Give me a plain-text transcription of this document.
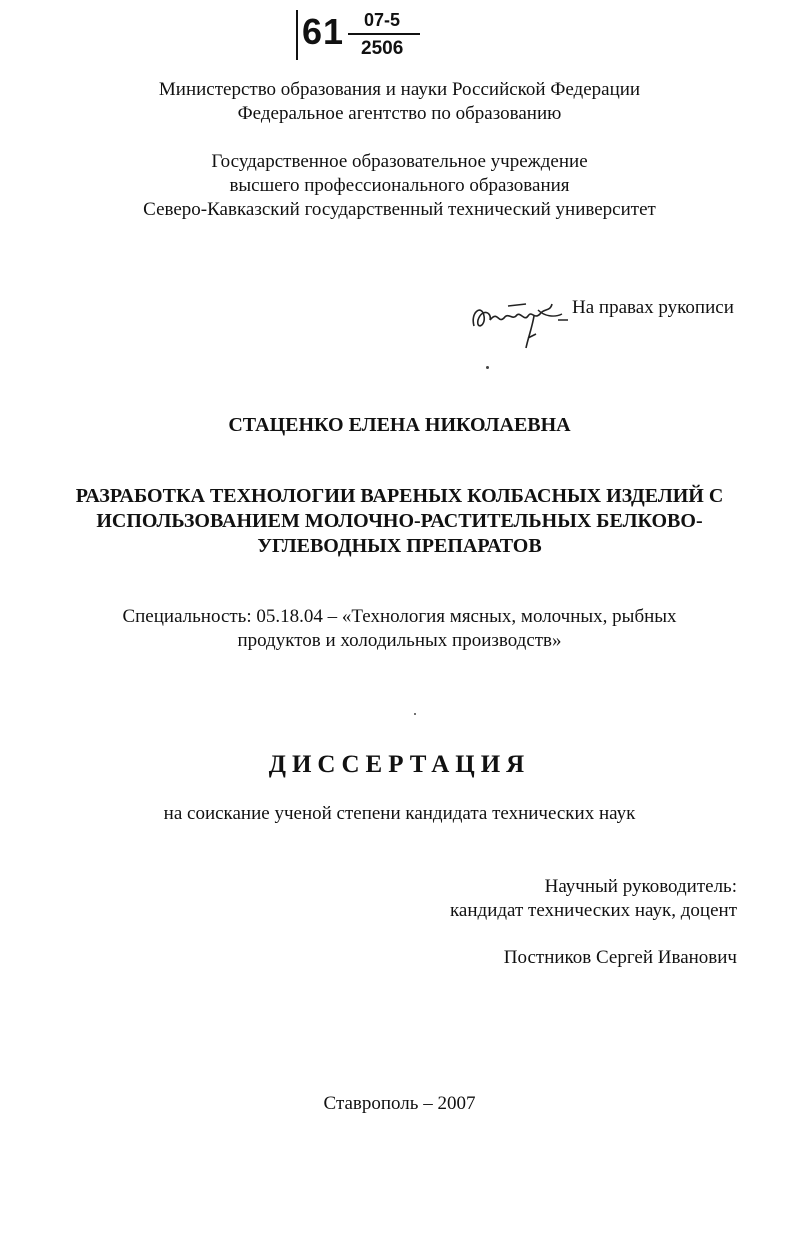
61 07-5
2506
Министерство образования и науки Российской Федерации
Федеральное агентство по образованию
Государственное образовательное учреждение
высшего профессионального образования
Северо-Кавказский государственный технический университет
На правах рукописи
СТАЦЕНКО ЕЛЕНА НИКОЛАЕВНА
РАЗРАБОТКА ТЕХНОЛОГИИ ВАРЕНЫХ КОЛБАСНЫХ ИЗДЕЛИЙ С
ИСПОЛЬЗОВАНИЕМ МОЛОЧНО-РАСТИТЕЛЬНЫХ БЕЛКОВО-
УГЛЕВОДНЫХ ПРЕПАРАТОВ
Специальность: 05.18.04 – «Технология мясных, молочных, рыбных
продуктов и холодильных производств»
ДИССЕРТАЦИЯ
на соискание ученой степени кандидата технических наук
Научный руководитель:
кандидат технических наук, доцент
Постников Сергей Иванович
Ставрополь – 2007
